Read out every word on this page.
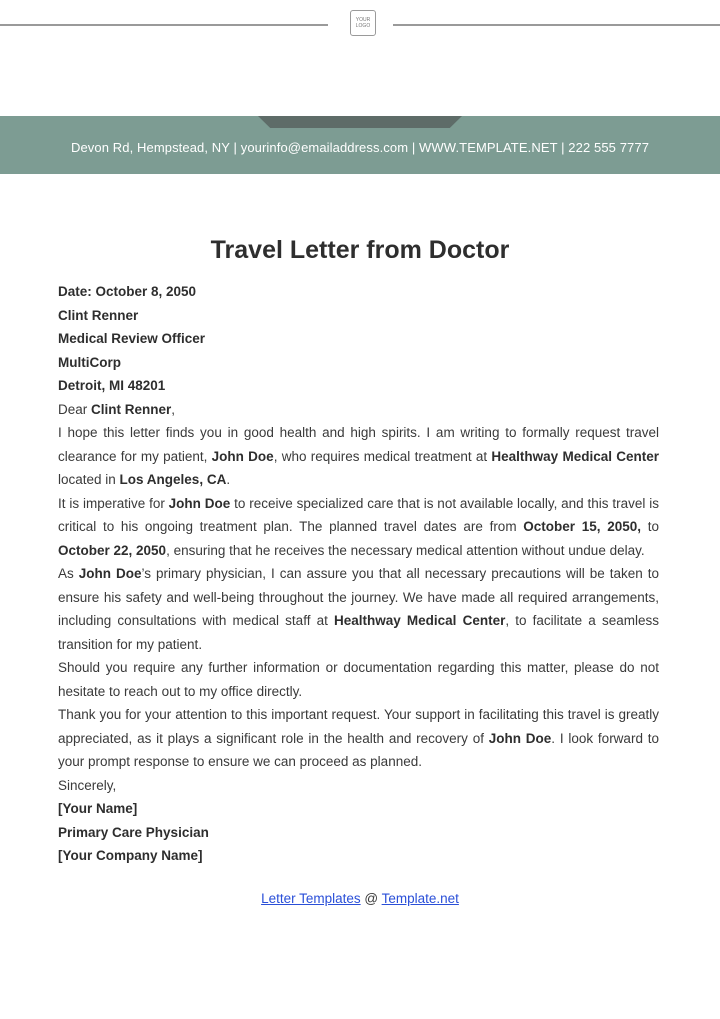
YOUR
LOGO
Devon Rd, Hempstead, NY | yourinfo@emailaddress.com | WWW.TEMPLATE.NET | 222 555 7777
Travel Letter from Doctor

Date: October 8, 2050

Clint Renner

Medical Review Officer

MultiCorp

Detroit, MI 48201

Dear Clint Renner,

I hope this letter finds you in good health and high spirits. I am writing to formally request travel clearance for my patient, John Doe, who requires medical treatment at Healthway Medical Center located in Los Angeles, CA.

It is imperative for John Doe to receive specialized care that is not available locally, and this travel is critical to his ongoing treatment plan. The planned travel dates are from October 15, 2050, to October 22, 2050, ensuring that he receives the necessary medical attention without undue delay.

As John Doe’s primary physician, I can assure you that all necessary precautions will be taken to ensure his safety and well-being throughout the journey. We have made all required arrangements, including consultations with medical staff at Healthway Medical Center, to facilitate a seamless transition for my patient.

Should you require any further information or documentation regarding this matter, please do not hesitate to reach out to my office directly.

Thank you for your attention to this important request. Your support in facilitating this travel is greatly appreciated, as it plays a significant role in the health and recovery of John Doe. I look forward to your prompt response to ensure we can proceed as planned.

Sincerely,

[Your Name]

Primary Care Physician

[Your Company Name]

Letter Templates @ Template.net
